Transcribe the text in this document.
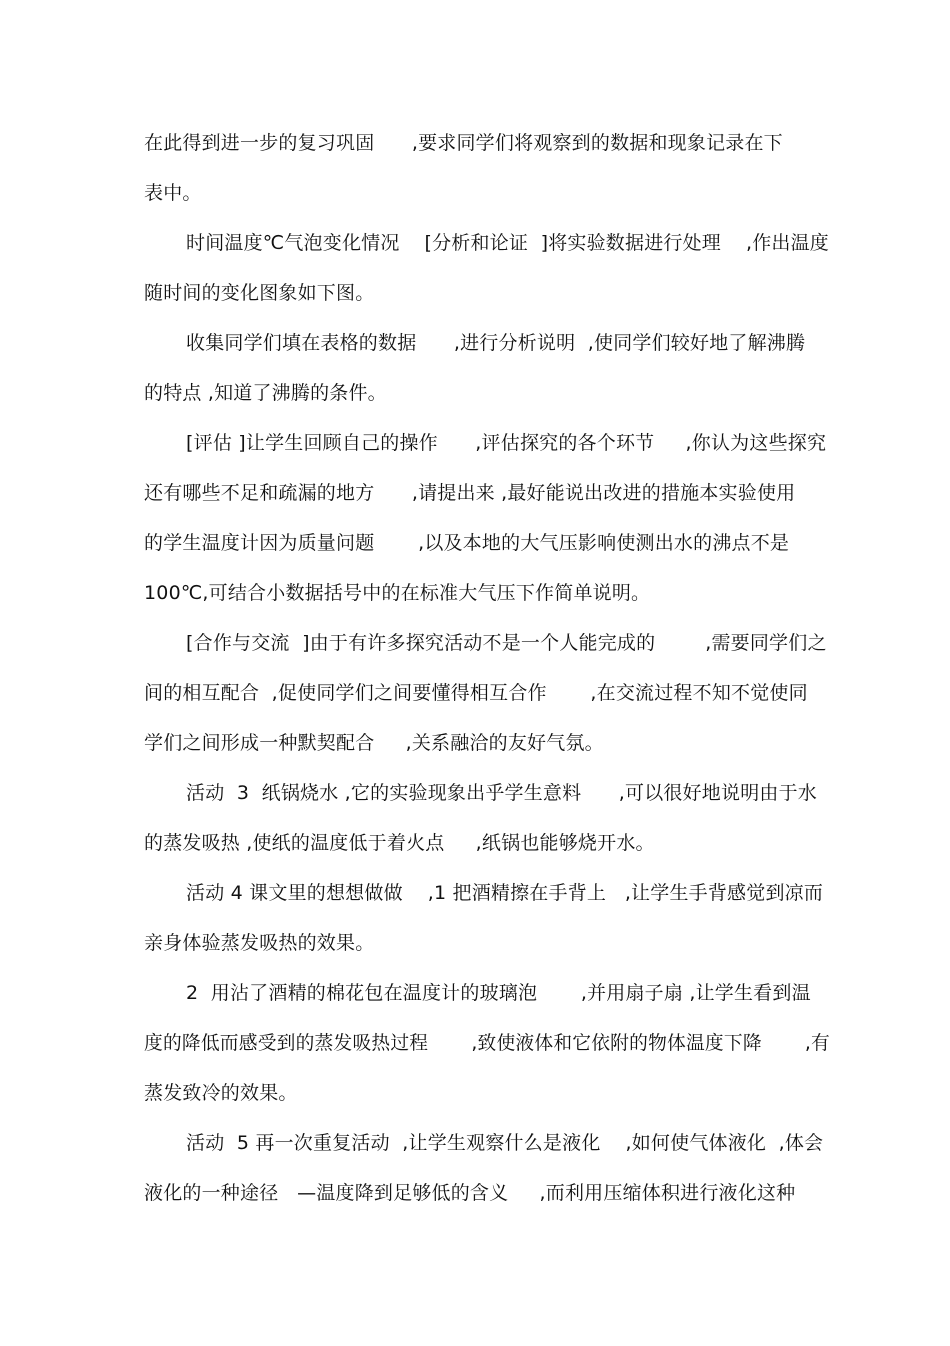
在此得到进一步的复习巩固      ,要求同学们将观察到的数据和现象记录在下
表中。
时间温度℃气泡变化情况    [分析和论证  ]将实验数据进行处理    ,作出温度
随时间的变化图象如下图。
收集同学们填在表格的数据      ,进行分析说明  ,使同学们较好地了解沸腾
的特点 ,知道了沸腾的条件。
[评估 ]让学生回顾自己的操作      ,评估探究的各个环节     ,你认为这些探究
还有哪些不足和疏漏的地方      ,请提出来 ,最好能说出改进的措施本实验使用
的学生温度计因为质量问题       ,以及本地的大气压影响使测出水的沸点不是
100℃,可结合小数据括号中的在标准大气压下作简单说明。
[合作与交流  ]由于有许多探究活动不是一个人能完成的        ,需要同学们之
间的相互配合  ,促使同学们之间要懂得相互合作       ,在交流过程不知不觉使同
学们之间形成一种默契配合     ,关系融洽的友好气氛。
活动  3  纸锅烧水 ,它的实验现象出乎学生意料      ,可以很好地说明由于水
的蒸发吸热 ,使纸的温度低于着火点     ,纸锅也能够烧开水。
活动 4 课文里的想想做做    ,1 把酒精擦在手背上   ,让学生手背感觉到凉而
亲身体验蒸发吸热的效果。
2  用沾了酒精的棉花包在温度计的玻璃泡       ,并用扇子扇 ,让学生看到温
度的降低而感受到的蒸发吸热过程       ,致使液体和它依附的物体温度下降       ,有
蒸发致冷的效果。
活动  5 再一次重复活动  ,让学生观察什么是液化    ,如何使气体液化  ,体会
液化的一种途径   —温度降到足够低的含义     ,而利用压缩体积进行液化这种
